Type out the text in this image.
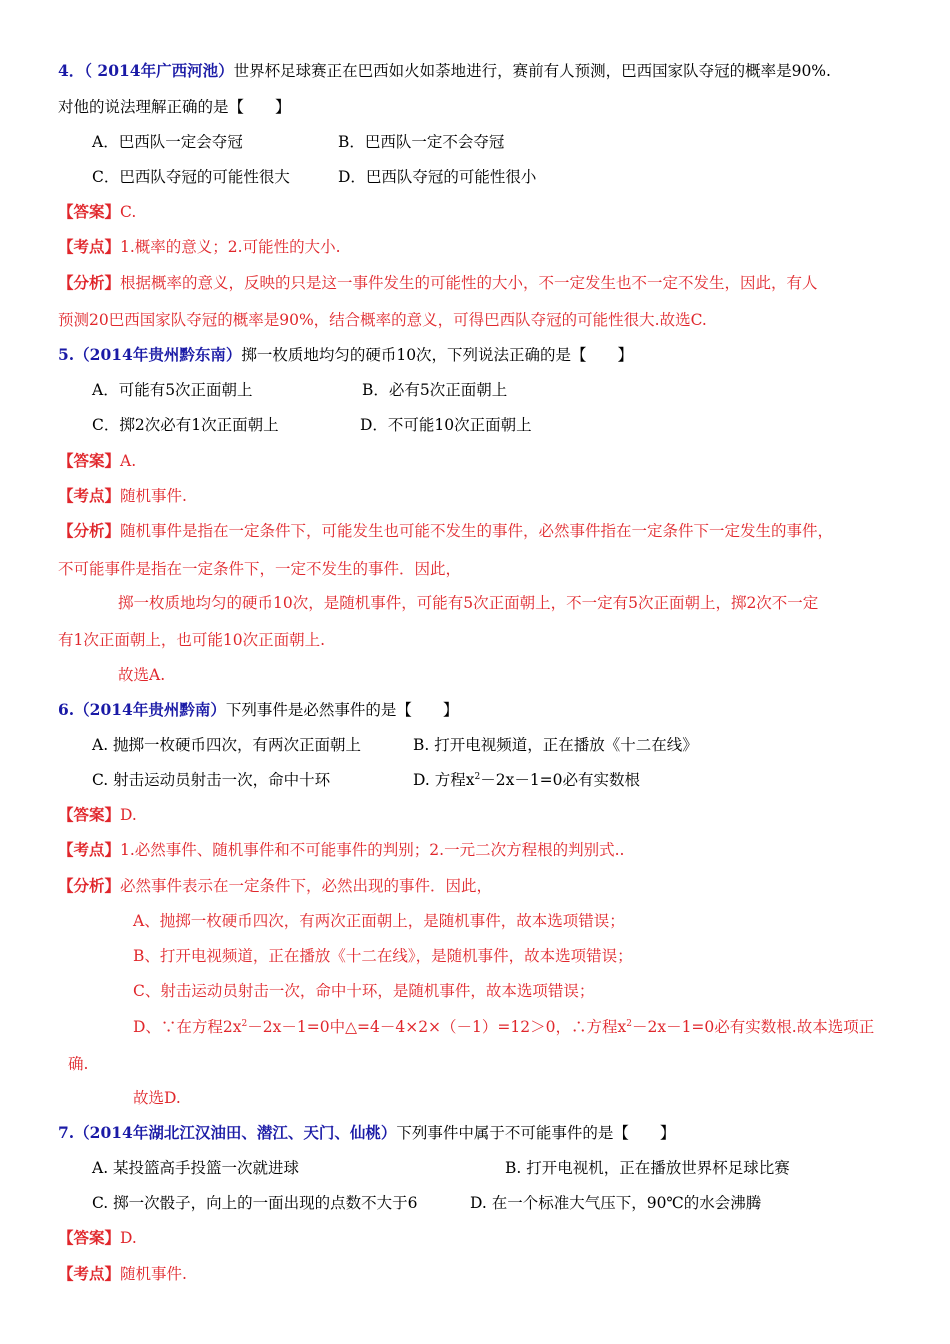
4．（ 2014年广西河池）世界杯足球赛正在巴西如火如荼地进行，赛前有人预测，巴西国家队夺冠的概率是90%.
对他的说法理解正确的是【　　】
A．巴西队一定会夺冠	B．巴西队一定不会夺冠
C．巴西队夺冠的可能性很大	D．巴西队夺冠的可能性很小
【答案】C.
【考点】1.概率的意义；2.可能性的大小.
【分析】根据概率的意义，反映的只是这一事件发生的可能性的大小，不一定发生也不一定不发生，因此，有人
预测20巴西国家队夺冠的概率是90%，结合概率的意义，可得巴西队夺冠的可能性很大.故选C.
5.（2014年贵州黔东南）掷一枚质地均匀的硬币10次，下列说法正确的是【　　】
A．可能有5次正面朝上	B．必有5次正面朝上
C．掷2次必有1次正面朝上	D．不可能10次正面朝上
【答案】A.
【考点】随机事件.
【分析】随机事件是指在一定条件下，可能发生也可能不发生的事件，必然事件指在一定条件下一定发生的事件，
不可能事件是指在一定条件下，一定不发生的事件．因此，
掷一枚质地均匀的硬币10次，是随机事件，可能有5次正面朝上，不一定有5次正面朝上，掷2次不一定
有1次正面朝上，也可能10次正面朝上.
故选A.
6.（2014年贵州黔南）下列事件是必然事件的是【　　】
A. 抛掷一枚硬币四次，有两次正面朝上	B. 打开电视频道，正在播放《十二在线》
C. 射击运动员射击一次，命中十环	D. 方程$x^2-2x-1=0$必有实数根
【答案】D.
【考点】1.必然事件、随机事件和不可能事件的判别；2.一元二次方程根的判别式..
【分析】必然事件表示在一定条件下，必然出现的事件．因此，
A、抛掷一枚硬币四次，有两次正面朝上，是随机事件，故本选项错误；
B、打开电视频道，正在播放《十二在线》，是随机事件，故本选项错误；
C、射击运动员射击一次，命中十环，是随机事件，故本选项错误；
D、∵在方程$2x^2-2x-1=0$中△=4－4×2×（－1）=12＞0，∴方程$x^2-2x-1=0$必有实数根.故本选项正
确.
故选D.
7.（2014年湖北江汉油田、潜江、天门、仙桃）下列事件中属于不可能事件的是【　　】
A. 某投篮高手投篮一次就进球	B. 打开电视机，正在播放世界杯足球比赛
C. 掷一次骰子，向上的一面出现的点数不大于6	D. 在一个标准大气压下，90℃的水会沸腾
【答案】D.
【考点】随机事件.
